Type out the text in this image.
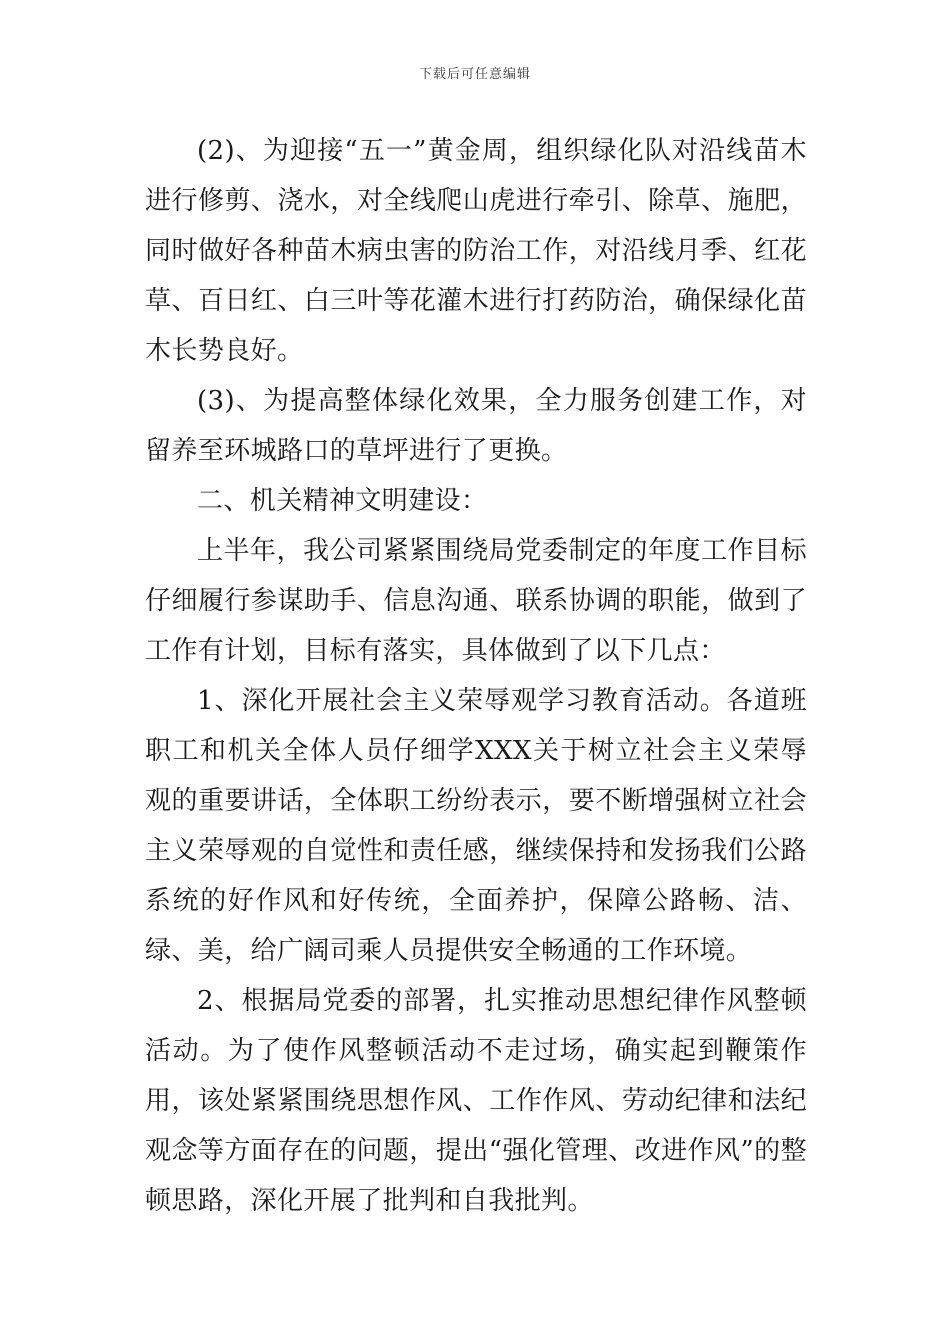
下载后可任意编辑

(2)、为迎接“五一”黄金周，组织绿化队对沿线苗木进行修剪、浇水，对全线爬山虎进行牵引、除草、施肥，同时做好各种苗木病虫害的防治工作，对沿线月季、红花草、百日红、白三叶等花灌木进行打药防治，确保绿化苗木长势良好。

(3)、为提高整体绿化效果，全力服务创建工作，对留养至环城路口的草坪进行了更换。

二、机关精神文明建设：

上半年，我公司紧紧围绕局党委制定的年度工作目标仔细履行参谋助手、信息沟通、联系协调的职能，做到了工作有计划，目标有落实，具体做到了以下几点：

1、深化开展社会主义荣辱观学习教育活动。各道班职工和机关全体人员仔细学XXX关于树立社会主义荣辱观的重要讲话，全体职工纷纷表示，要不断增强树立社会主义荣辱观的自觉性和责任感，继续保持和发扬我们公路系统的好作风和好传统，全面养护，保障公路畅、洁、绿、美，给广阔司乘人员提供安全畅通的工作环境。

2、根据局党委的部署，扎实推动思想纪律作风整顿活动。为了使作风整顿活动不走过场，确实起到鞭策作用，该处紧紧围绕思想作风、工作作风、劳动纪律和法纪观念等方面存在的问题，提出“强化管理、改进作风”的整顿思路，深化开展了批判和自我批判。
